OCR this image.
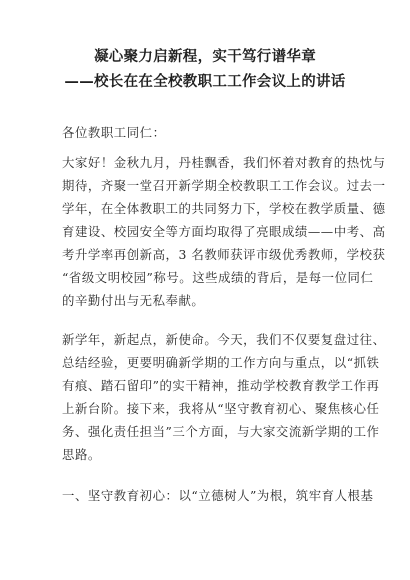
凝心聚力启新程，实干笃行谱华章
——校长在在全校教职工工作会议上的讲话
各位教职工同仁：
大家好！金秋九月，丹桂飘香，我们怀着对教育的热忱与
期待，齐聚一堂召开新学期全校教职工工作会议。过去一
学年，在全体教职工的共同努力下，学校在教学质量、德
育建设、校园安全等方面均取得了亮眼成绩——中考、高
考升学率再创新高，3 名教师获评市级优秀教师，学校获
“省级文明校园”称号。这些成绩的背后，是每一位同仁
的辛勤付出与无私奉献。
新学年，新起点，新使命。今天，我们不仅要复盘过往、
总结经验，更要明确新学期的工作方向与重点，以“抓铁
有痕、踏石留印”的实干精神，推动学校教育教学工作再
上新台阶。接下来，我将从“坚守教育初心、聚焦核心任
务、强化责任担当”三个方面，与大家交流新学期的工作
思路。
一、坚守教育初心：以“立德树人”为根，筑牢育人根基
